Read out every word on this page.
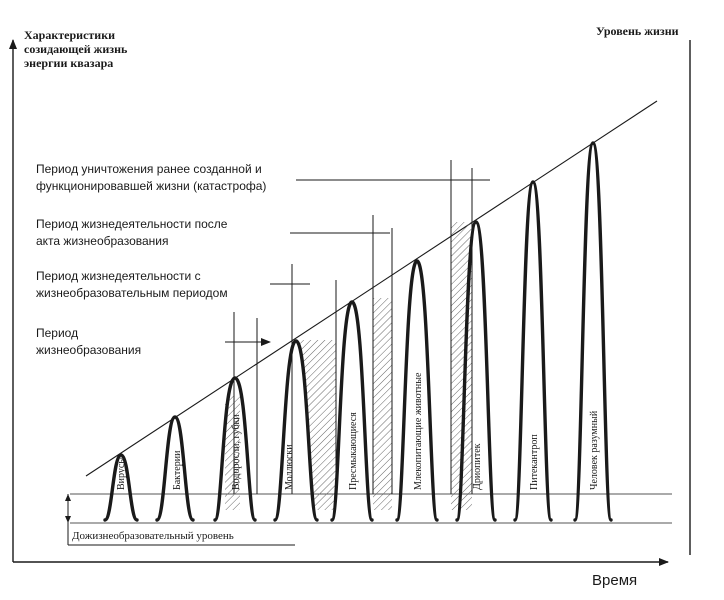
Вирусы	Бактерии	Водоросли, губки	Моллюски	Пресмыкающиеся	Млекопитающие животные	Дриопитек	Питекантроп	Человек разумный
Характеристики
созидающей жизнь
энергии квазара
Уровень жизни
Период уничтожения ранее созданной и
функционировавшей жизни (катастрофа)
Период жизнедеятельности после
акта жизнеобразования
Период жизнедеятельности с
жизнеобразовательным периодом
Период
жизнеобразования
Дожизнеобразовательный уровень
Время
